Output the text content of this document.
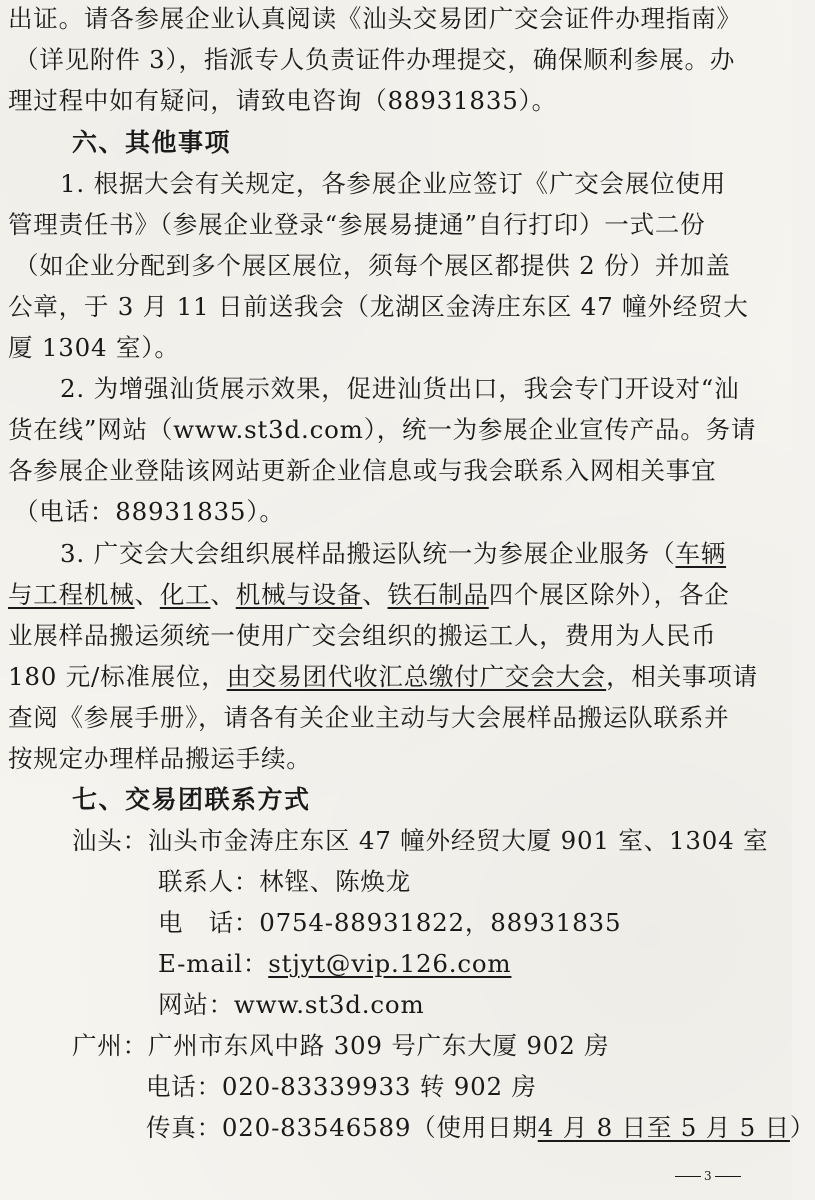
出证。请各参展企业认真阅读《汕头交易团广交会证件办理指南》
（详见附件 3），指派专人负责证件办理提交，确保顺利参展。办
理过程中如有疑问，请致电咨询（88931835）。
六、其他事项
1. 根据大会有关规定，各参展企业应签订《广交会展位使用
管理责任书》（参展企业登录“参展易捷通”自行打印）一式二份
（如企业分配到多个展区展位，须每个展区都提供 2 份）并加盖
公章，于 3 月 11 日前送我会（龙湖区金涛庄东区 47 幢外经贸大
厦 1304 室）。
2. 为增强汕货展示效果，促进汕货出口，我会专门开设对“汕
货在线”网站（www.st3d.com），统一为参展企业宣传产品。务请
各参展企业登陆该网站更新企业信息或与我会联系入网相关事宜
（电话：88931835）。
3. 广交会大会组织展样品搬运队统一为参展企业服务（车辆
与工程机械、化工、机械与设备、铁石制品四个展区除外），各企
业展样品搬运须统一使用广交会组织的搬运工人，费用为人民币
180 元/标准展位，由交易团代收汇总缴付广交会大会，相关事项请
查阅《参展手册》，请各有关企业主动与大会展样品搬运队联系并
按规定办理样品搬运手续。
七、交易团联系方式
汕头：汕头市金涛庄东区 47 幢外经贸大厦 901 室、1304 室
联系人：林铿、陈焕龙
电　话：0754-88931822，88931835
E-mail：stjyt@vip.126.com
网站：www.st3d.com
广州：广州市东风中路 309 号广东大厦 902 房
电话：020-83339933 转 902 房
传真：020-83546589（使用日期4 月 8 日至 5 月 5 日）
3
